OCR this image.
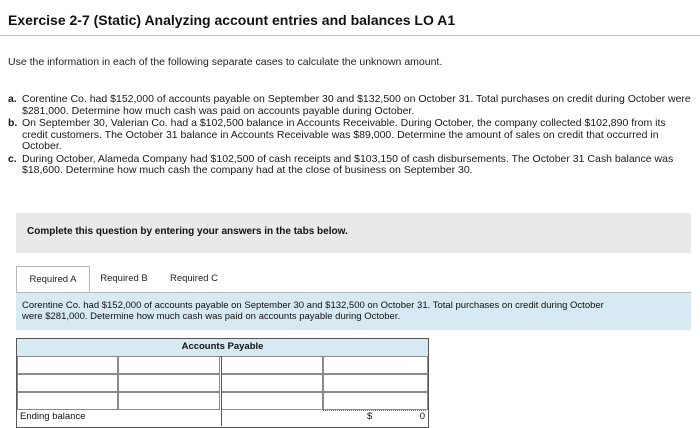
Exercise 2-7 (Static) Analyzing account entries and balances LO A1
Use the information in each of the following separate cases to calculate the unknown amount.
a. Corentine Co. had $152,000 of accounts payable on September 30 and $132,500 on October 31. Total purchases on credit during October were $281,000. Determine how much cash was paid on accounts payable during October.
b. On September 30, Valerian Co. had a $102,500 balance in Accounts Receivable. During October, the company collected $102,890 from its credit customers. The October 31 balance in Accounts Receivable was $89,000. Determine the amount of sales on credit that occurred in October.
c. During October, Alameda Company had $102,500 of cash receipts and $103,150 of cash disbursements. The October 31 Cash balance was $18,600. Determine how much cash the company had at the close of business on September 30.
Complete this question by entering your answers in the tabs below.
Required A	Required B	Required C
Corentine Co. had $152,000 of accounts payable on September 30 and $132,500 on October 31. Total purchases on credit during October were $281,000. Determine how much cash was paid on accounts payable during October.
Accounts Payable
Ending balance	$	0
